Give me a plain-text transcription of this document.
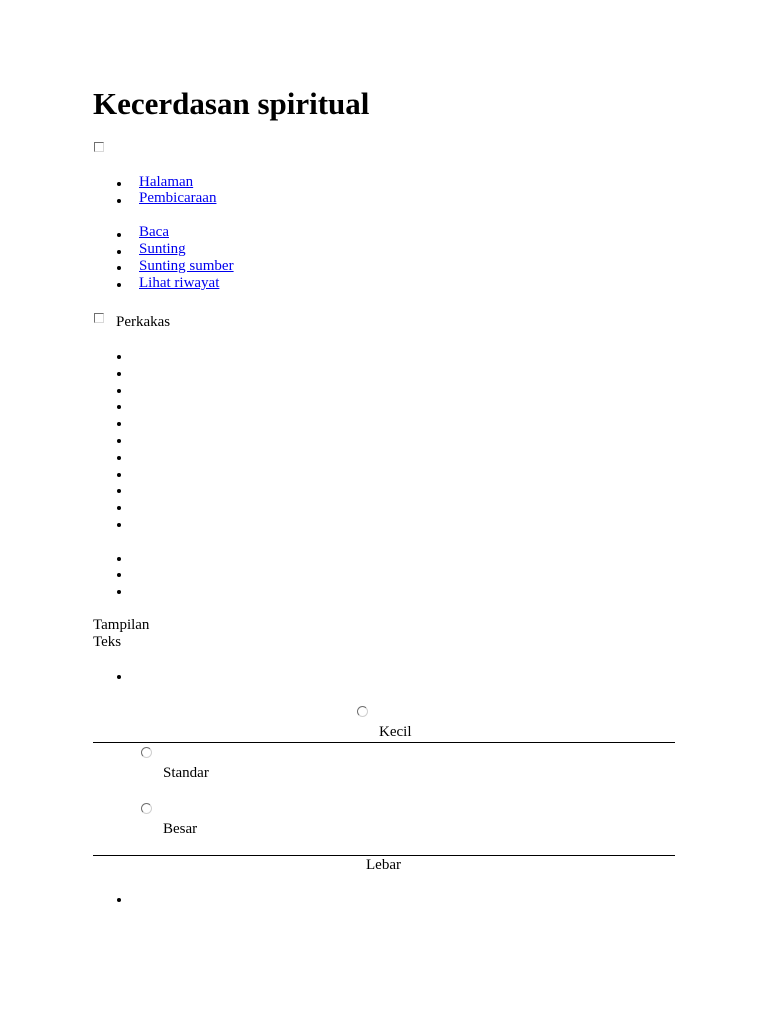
Kecerdasan spiritual
Halaman
Pembicaraan
Baca
Sunting
Sunting sumber
Lihat riwayat
Perkakas
Tampilan
Teks
Kecil
Standar
Besar
Lebar
